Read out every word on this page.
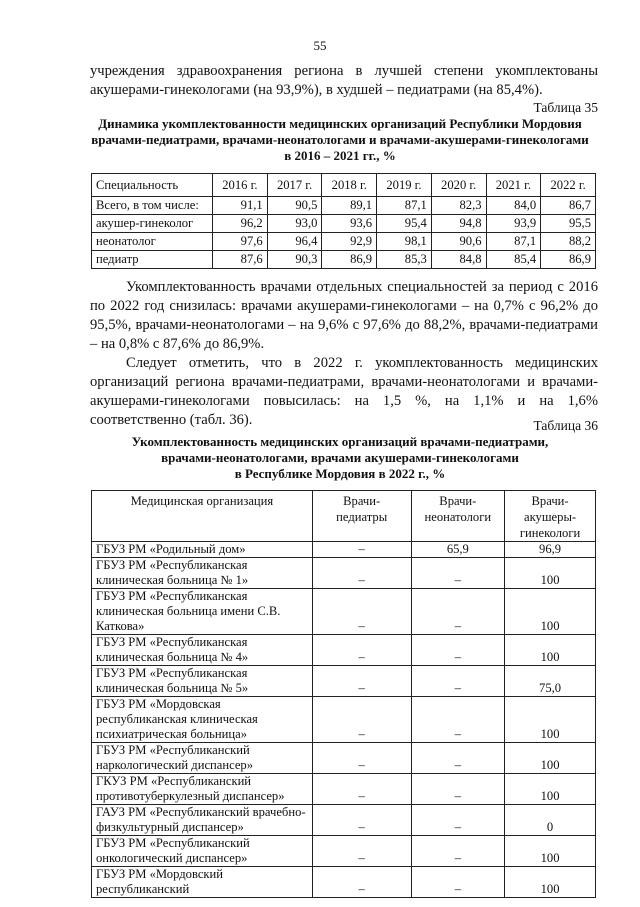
55
учреждения здравоохранения региона в лучшей степени укомплектованы акушерами-гинекологами (на 93,9%), в худшей – педиатрами (на 85,4%).
Таблица 35
Динамика укомплектованности медицинских организаций Республики Мордовия
врачами-педиатрами, врачами-неонатологами и врачами-акушерами-гинекологами
в 2016 – 2021 гг., %
Специальность	2016 г.	2017 г.	2018 г.	2019 г.	2020 г.	2021 г.	2022 г.
Всего, в том числе:	91,1	90,5	89,1	87,1	82,3	84,0	86,7
акушер-гинеколог	96,2	93,0	93,6	95,4	94,8	93,9	95,5
неонатолог	97,6	96,4	92,9	98,1	90,6	87,1	88,2
педиатр	87,6	90,3	86,9	85,3	84,8	85,4	86,9
Укомплектованность врачами отдельных специальностей за период с 2016 по 2022 год снизилась: врачами акушерами-гинекологами – на 0,7% с 96,2% до 95,5%, врачами-неонатологами – на 9,6% с 97,6% до 88,2%, врачами-педиатрами – на 0,8% с 87,6% до 86,9%.
Следует отметить, что в 2022 г. укомплектованность медицинских организаций региона врачами-педиатрами, врачами-неонатологами и врачами-акушерами-гинекологами повысилась: на 1,5 %, на 1,1% и на 1,6% соответственно (табл. 36).	Таблица 36
Укомплектованность медицинских организаций врачами-педиатрами,
врачами-неонатологами, врачами акушерами-гинекологами
в Республике Мордовия в 2022 г., %
Медицинская организация	Врачи-педиатры	Врачи-неонатологи	Врачи-акушеры-гинекологи
ГБУЗ РМ «Родильный дом»	–	65,9	96,9
ГБУЗ РМ «Республиканская клиническая больница № 1»	–	–	100
ГБУЗ РМ «Республиканская клиническая больница имени С.В. Каткова»	–	–	100
ГБУЗ РМ «Республиканская клиническая больница № 4»	–	–	100
ГБУЗ РМ «Республиканская клиническая больница № 5»	–	–	75,0
ГБУЗ РМ «Мордовская республиканская клиническая психиатрическая больница»	–	–	100
ГБУЗ РМ «Республиканский наркологический диспансер»	–	–	100
ГКУЗ РМ «Республиканский противотуберкулезный диспансер»	–	–	100
ГАУЗ РМ «Республиканский врачебно-физкультурный диспансер»	–	–	0
ГБУЗ РМ «Республиканский онкологический диспансер»	–	–	100
ГБУЗ РМ «Мордовский республиканский	–	–	100
